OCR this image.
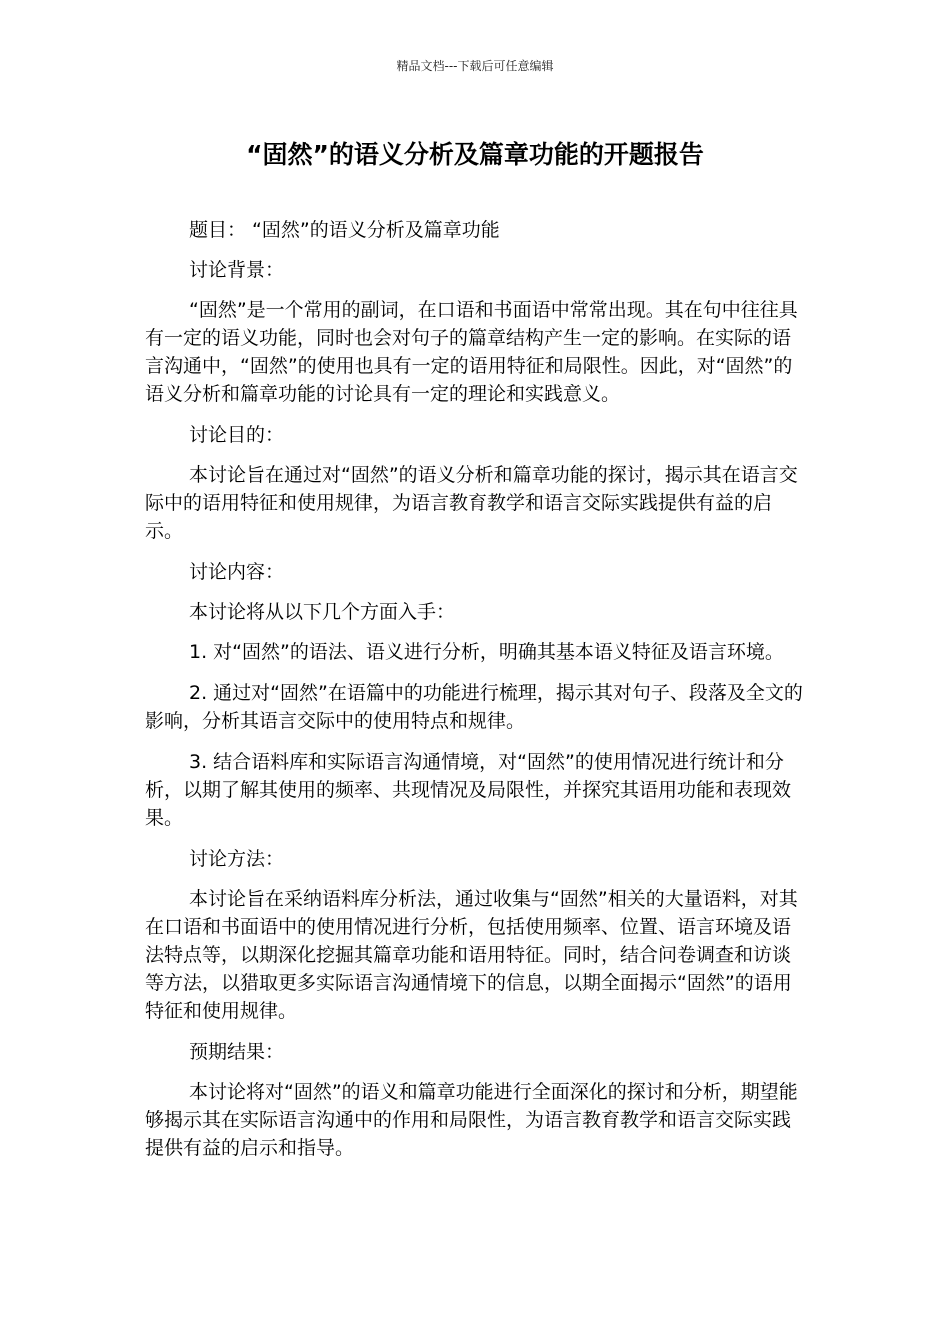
精品文档---下载后可任意编辑
“固然”的语义分析及篇章功能的开题报告

题目： “固然”的语义分析及篇章功能

讨论背景：

“固然”是一个常用的副词，在口语和书面语中常常出现。其在句中往往具有一定的语义功能，同时也会对句子的篇章结构产生一定的影响。在实际的语言沟通中，“固然”的使用也具有一定的语用特征和局限性。因此，对“固然”的语义分析和篇章功能的讨论具有一定的理论和实践意义。

讨论目的：

本讨论旨在通过对“固然”的语义分析和篇章功能的探讨，揭示其在语言交际中的语用特征和使用规律，为语言教育教学和语言交际实践提供有益的启示。

讨论内容：

本讨论将从以下几个方面入手：

1. 对“固然”的语法、语义进行分析，明确其基本语义特征及语言环境。

2. 通过对“固然”在语篇中的功能进行梳理，揭示其对句子、段落及全文的影响，分析其语言交际中的使用特点和规律。

3. 结合语料库和实际语言沟通情境，对“固然”的使用情况进行统计和分析，以期了解其使用的频率、共现情况及局限性，并探究其语用功能和表现效果。

讨论方法：

本讨论旨在采纳语料库分析法，通过收集与“固然”相关的大量语料，对其在口语和书面语中的使用情况进行分析，包括使用频率、位置、语言环境及语法特点等，以期深化挖掘其篇章功能和语用特征。同时，结合问卷调查和访谈等方法，以猎取更多实际语言沟通情境下的信息，以期全面揭示“固然”的语用特征和使用规律。

预期结果：

本讨论将对“固然”的语义和篇章功能进行全面深化的探讨和分析，期望能够揭示其在实际语言沟通中的作用和局限性，为语言教育教学和语言交际实践提供有益的启示和指导。
